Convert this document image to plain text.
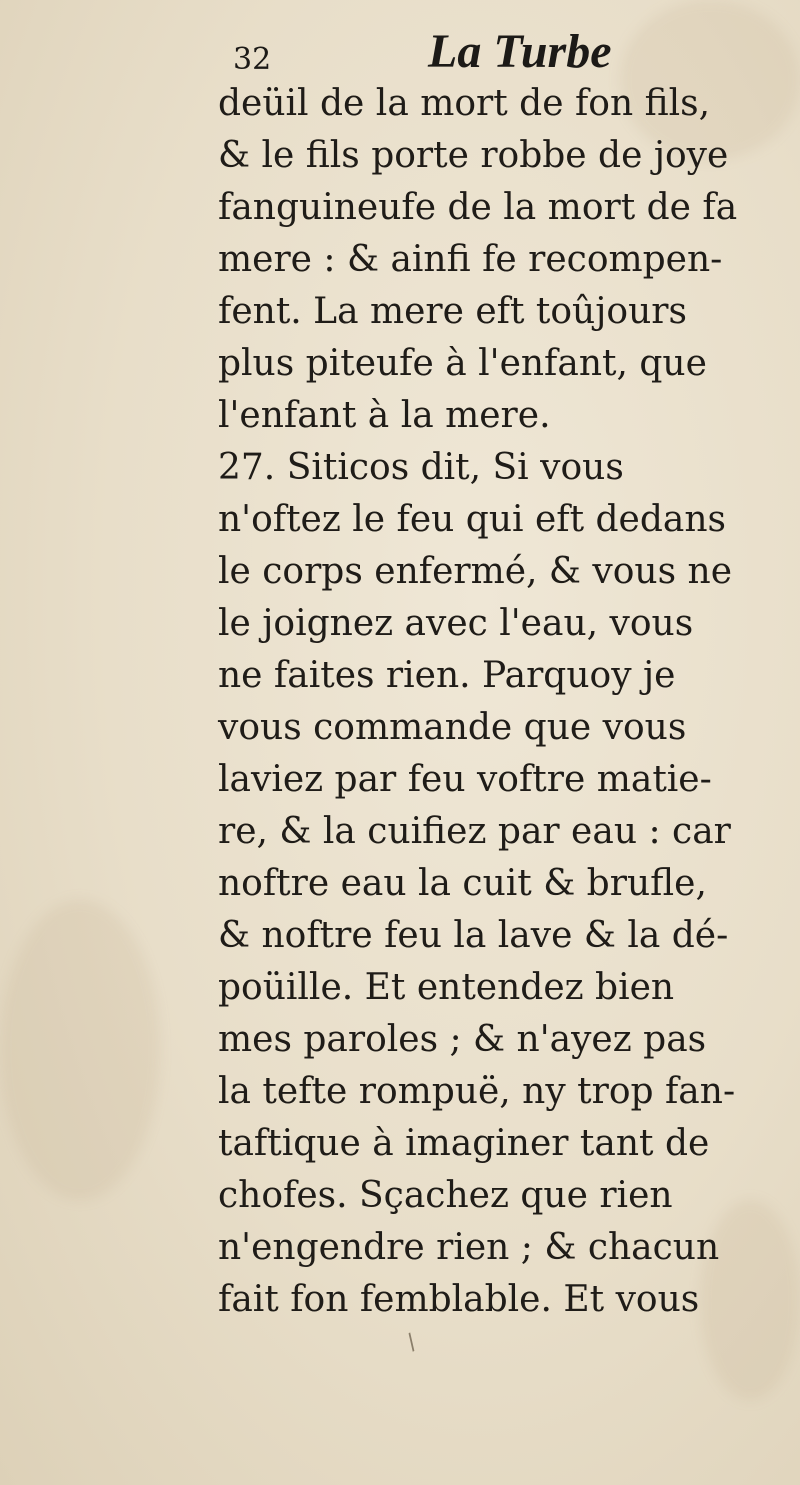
32	La Turbe
deüil de la mort de fon fils,
& le fils porte robbe de joye
fanguineufe de la mort de fa
mere : & ainfi fe recompen-
fent. La mere eft toûjours
plus piteufe à l'enfant, que
l'enfant à la mere.
27. Siticos dit, Si vous
n'oftez le feu qui eft dedans
le corps enfermé, & vous ne
le joignez avec l'eau, vous
ne faites rien. Parquoy je
vous commande que vous
laviez par feu voftre matie-
re, & la cuifiez par eau : car
noftre eau la cuit & brufle,
& noftre feu la lave & la dé-
poüille. Et entendez bien
mes paroles ; & n'ayez pas
la tefte rompuë, ny trop fan-
taftique à imaginer tant de
chofes. Sçachez que rien
n'engendre rien ; & chacun
fait fon femblable. Et vous
/
